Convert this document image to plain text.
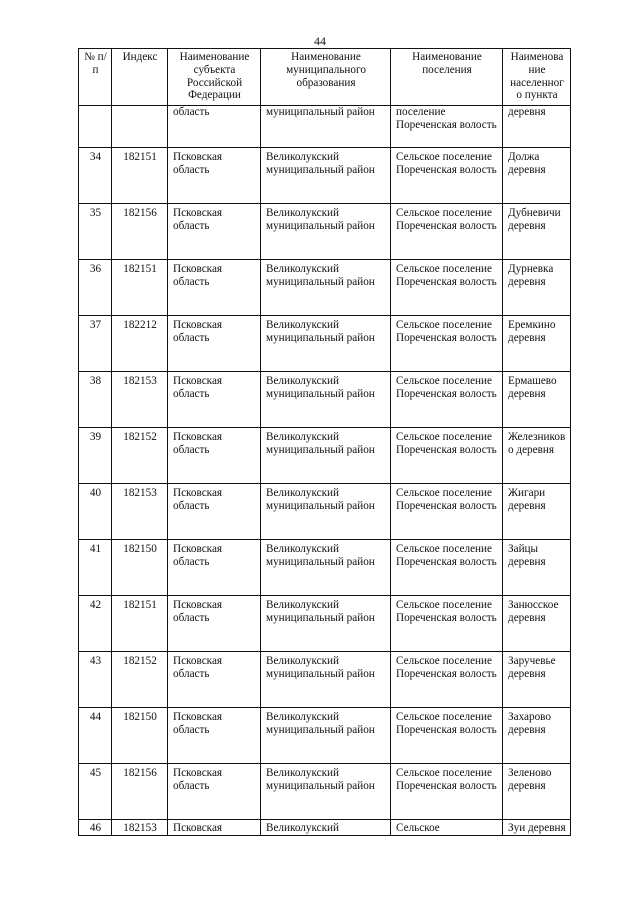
44
№ п/п	Индекс	Наименование субъекта Российской Федерации	Наименование муниципального образования	Наименование поселения	Наименование населенного пункта
		область	муниципальный район	поселение Пореченская волость	деревня
34	182151	Псковская область	Великолукский муниципальный район	Сельское поселение Пореченская волость	Должа деревня
35	182156	Псковская область	Великолукский муниципальный район	Сельское поселение Пореченская волость	Дубневичи деревня
36	182151	Псковская область	Великолукский муниципальный район	Сельское поселение Пореченская волость	Дурневка деревня
37	182212	Псковская область	Великолукский муниципальный район	Сельское поселение Пореченская волость	Еремкино деревня
38	182153	Псковская область	Великолукский муниципальный район	Сельское поселение Пореченская волость	Ермашево деревня
39	182152	Псковская область	Великолукский муниципальный район	Сельское поселение Пореченская волость	Железниково деревня
40	182153	Псковская область	Великолукский муниципальный район	Сельское поселение Пореченская волость	Жигари деревня
41	182150	Псковская область	Великолукский муниципальный район	Сельское поселение Пореченская волость	Зайцы деревня
42	182151	Псковская область	Великолукский муниципальный район	Сельское поселение Пореченская волость	Занюсское деревня
43	182152	Псковская область	Великолукский муниципальный район	Сельское поселение Пореченская волость	Заручевье деревня
44	182150	Псковская область	Великолукский муниципальный район	Сельское поселение Пореченская волость	Захарово деревня
45	182156	Псковская область	Великолукский муниципальный район	Сельское поселение Пореченская волость	Зеленово деревня
46	182153	Псковская	Великолукский	Сельское	Зуи деревня
